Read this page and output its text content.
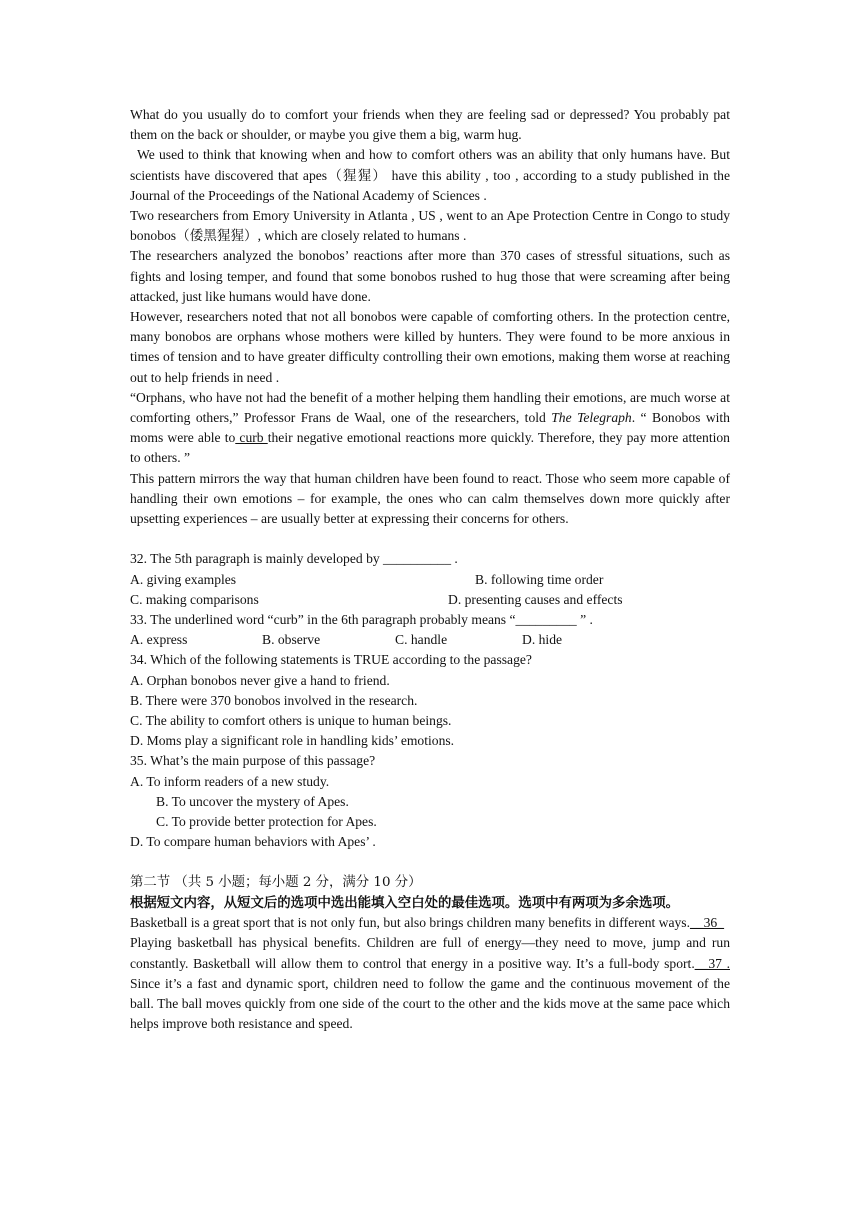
What do you usually do to comfort your friends when they are feeling sad or depressed? You probably pat them on the back or shoulder, or maybe you give them a big, warm hug.

We used to think that knowing when and how to comfort others was an ability that only humans have. But scientists have discovered that apes（猩猩） have this ability , too , according to a study published in the Journal of the Proceedings of the National Academy of Sciences .

Two researchers from Emory University in Atlanta , US , went to an Ape Protection Centre in Congo to study bonobos（倭黑猩猩）, which are closely related to humans .

The researchers analyzed the bonobos’ reactions after more than 370 cases of stressful situations, such as fights and losing temper, and found that some bonobos rushed to hug those that were screaming after being attacked, just like humans would have done.

However, researchers noted that not all bonobos were capable of comforting others. In the protection centre, many bonobos are orphans whose mothers were killed by hunters. They were found to be more anxious in times of tension and to have greater difficulty controlling their own emotions, making them worse at reaching out to help friends in need .

“Orphans, who have not had the benefit of a mother helping them handling their emotions, are much worse at comforting others,” Professor Frans de Waal, one of the researchers, told The Telegraph. “ Bonobos with moms were able to curb their negative emotional reactions more quickly. Therefore, they pay more attention to others. ”

This pattern mirrors the way that human children have been found to react. Those who seem more capable of handling their own emotions – for example, the ones who can calm themselves down more quickly after upsetting experiences – are usually better at expressing their concerns for others.

32. The 5th paragraph is mainly developed by __________ .

A. giving examples	B. following time order
C. making comparisons	D. presenting causes and effects

33. The underlined word “curb” in the 6th paragraph probably means “_________ ” .

A. express	B. observe	C. handle	D. hide

34. Which of the following statements is TRUE according to the passage?

A. Orphan bonobos never give a hand to friend.

B. There were 370 bonobos involved in the research.

C. The ability to comfort others is unique to human beings.

D. Moms play a significant role in handling kids’ emotions.

35. What’s the main purpose of this passage?

A. To inform readers of a new study.

B. To uncover the mystery of Apes.

C. To provide better protection for Apes.

D. To compare human behaviors with Apes’ .

第二节 （共 5 小题；每小题 2 分，满分 10 分）

根据短文内容，从短文后的选项中选出能填入空白处的最佳选项。选项中有两项为多余选项。

Basketball is a great sport that is not only fun, but also brings children many benefits in different ways.__36_

Playing basketball has physical benefits. Children are full of energy—they need to move, jump and run constantly. Basketball will allow them to control that energy in a positive way. It’s a full-body sport.__37 . Since it’s a fast and dynamic sport, children need to follow the game and the continuous movement of the ball. The ball moves quickly from one side of the court to the other and the kids move at the same pace which helps improve both resistance and speed.
